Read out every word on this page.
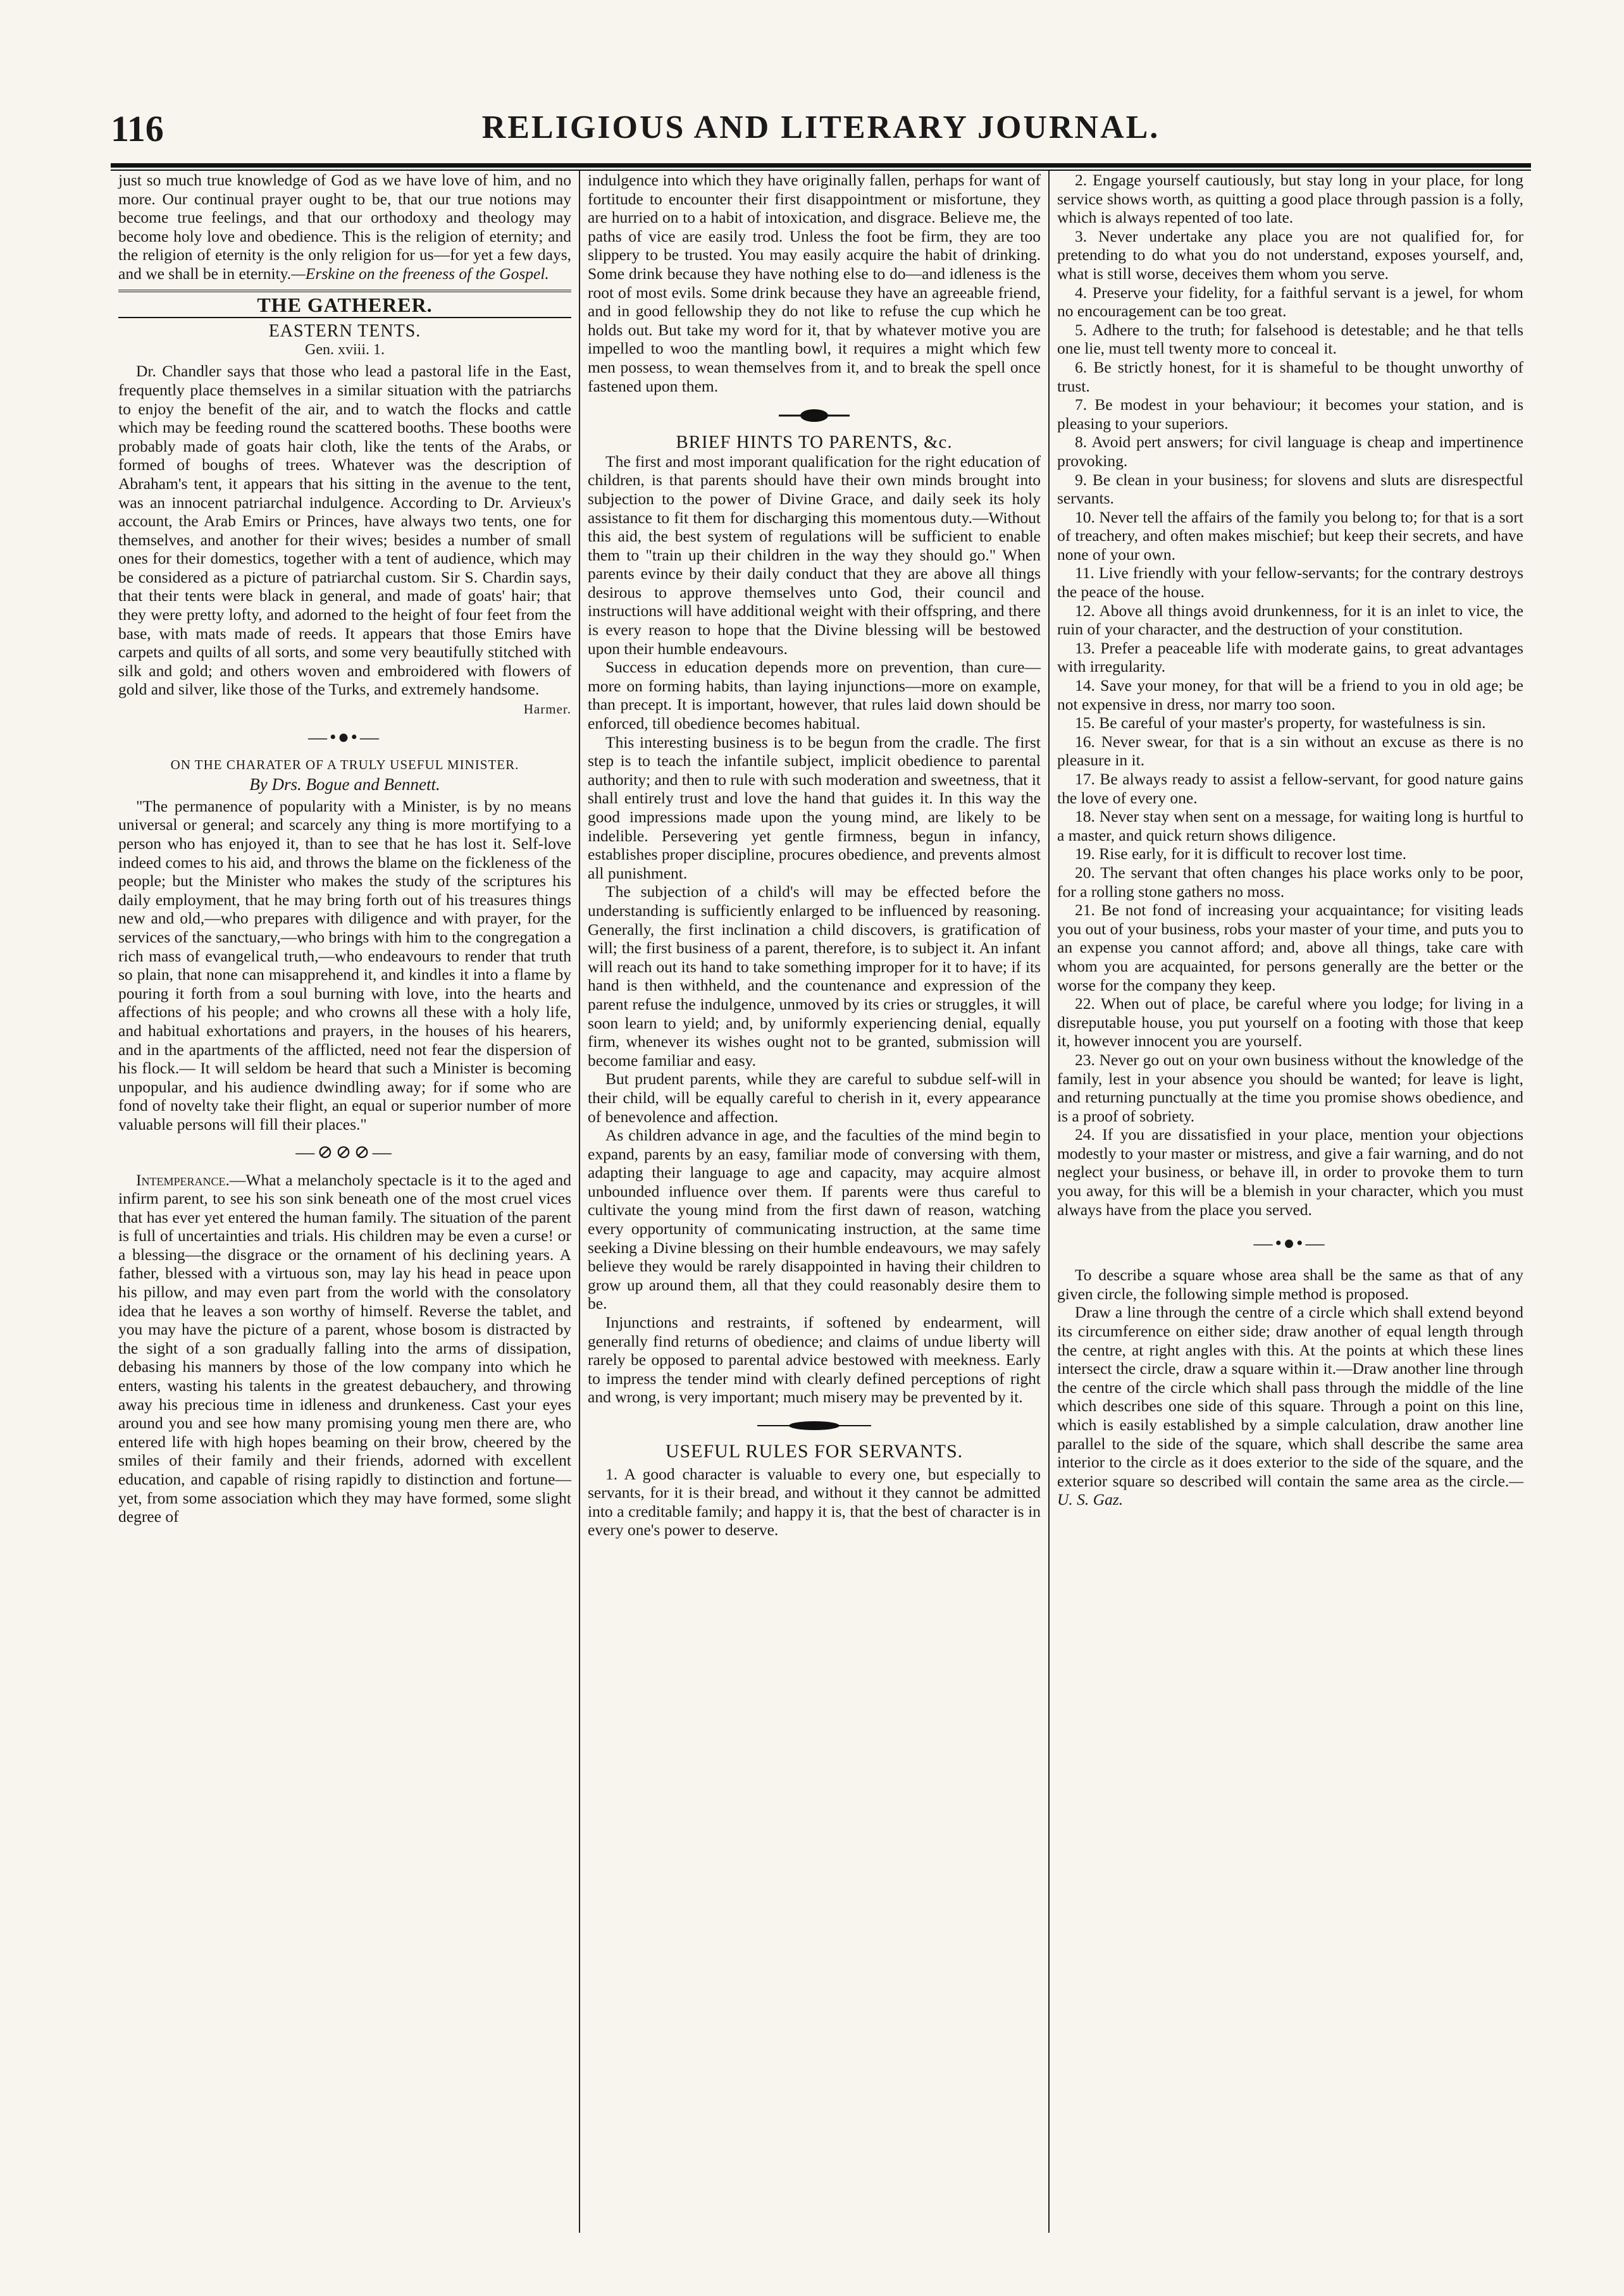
116	RELIGIOUS AND LITERARY JOURNAL.

just so much true knowledge of God as we have love of him, and no more. Our continual prayer ought to be, that our true notions may become true feelings, and that our orthodoxy and theology may become holy love and obedience. This is the religion of eternity; and the religion of eternity is the only religion for us—for yet a few days, and we shall be in eternity.—Erskine on the freeness of the Gospel.

THE GATHERER.
EASTERN TENTS.
Gen. xviii. 1.

Dr. Chandler says that those who lead a pastoral life in the East, frequently place themselves in a similar situation with the patriarchs to enjoy the benefit of the air, and to watch the flocks and cattle which may be feeding round the scattered booths. These booths were probably made of goats hair cloth, like the tents of the Arabs, or formed of boughs of trees. Whatever was the description of Abraham's tent, it appears that his sitting in the avenue to the tent, was an innocent patriarchal indulgence. According to Dr. Arvieux's account, the Arab Emirs or Princes, have always two tents, one for themselves, and another for their wives; besides a number of small ones for their domestics, together with a tent of audience, which may be considered as a picture of patriarchal custom. Sir S. Chardin says, that their tents were black in general, and made of goats' hair; that they were pretty lofty, and adorned to the height of four feet from the base, with mats made of reeds. It appears that those Emirs have carpets and quilts of all sorts, and some very beautifully stitched with silk and gold; and others woven and embroidered with flowers of gold and silver, like those of the Turks, and extremely handsome.

Harmer.
—•⦁•—
ON THE CHARATER OF A TRULY USEFUL MINISTER.
By Drs. Bogue and Bennett.

"The permanence of popularity with a Minister, is by no means universal or general; and scarcely any thing is more mortifying to a person who has enjoyed it, than to see that he has lost it. Self-love indeed comes to his aid, and throws the blame on the fickleness of the people; but the Minister who makes the study of the scriptures his daily employment, that he may bring forth out of his treasures things new and old,—who prepares with diligence and with prayer, for the services of the sanctuary,—who brings with him to the congregation a rich mass of evangelical truth,—who endeavours to render that truth so plain, that none can misapprehend it, and kindles it into a flame by pouring it forth from a soul burning with love, into the hearts and affections of his people; and who crowns all these with a holy life, and habitual exhortations and prayers, in the houses of his hearers, and in the apartments of the afflicted, need not fear the dispersion of his flock.— It will seldom be heard that such a Minister is becoming unpopular, and his audience dwindling away; for if some who are fond of novelty take their flight, an equal or superior number of more valuable persons will fill their places."

—⊘⊘⊘—

Intemperance.—What a melancholy spectacle is it to the aged and infirm parent, to see his son sink beneath one of the most cruel vices that has ever yet entered the human family. The situation of the parent is full of uncertainties and trials. His children may be even a curse! or a blessing—the disgrace or the ornament of his declining years. A father, blessed with a virtuous son, may lay his head in peace upon his pillow, and may even part from the world with the consolatory idea that he leaves a son worthy of himself. Reverse the tablet, and you may have the picture of a parent, whose bosom is distracted by the sight of a son gradually falling into the arms of dissipation, debasing his manners by those of the low company into which he enters, wasting his talents in the greatest debauchery, and throwing away his precious time in idleness and drunkeness. Cast your eyes around you and see how many promising young men there are, who entered life with high hopes beaming on their brow, cheered by the smiles of their family and their friends, adorned with excellent education, and capable of rising rapidly to distinction and fortune—yet, from some association which they may have formed, some slight degree of

indulgence into which they have originally fallen, perhaps for want of fortitude to encounter their first disappointment or misfortune, they are hurried on to a habit of intoxication, and disgrace. Believe me, the paths of vice are easily trod. Unless the foot be firm, they are too slippery to be trusted. You may easily acquire the habit of drinking. Some drink because they have nothing else to do—and idleness is the root of most evils. Some drink because they have an agreeable friend, and in good fellowship they do not like to refuse the cup which he holds out. But take my word for it, that by whatever motive you are impelled to woo the mantling bowl, it requires a might which few men possess, to wean themselves from it, and to break the spell once fastened upon them.

BRIEF HINTS TO PARENTS, &c.

The first and most imporant qualification for the right education of children, is that parents should have their own minds brought into subjection to the power of Divine Grace, and daily seek its holy assistance to fit them for discharging this momentous duty.—Without this aid, the best system of regulations will be sufficient to enable them to "train up their children in the way they should go." When parents evince by their daily conduct that they are above all things desirous to approve themselves unto God, their council and instructions will have additional weight with their offspring, and there is every reason to hope that the Divine blessing will be bestowed upon their humble endeavours.

Success in education depends more on prevention, than cure—more on forming habits, than laying injunctions—more on example, than precept. It is important, however, that rules laid down should be enforced, till obedience becomes habitual.

This interesting business is to be begun from the cradle. The first step is to teach the infantile subject, implicit obedience to parental authority; and then to rule with such moderation and sweetness, that it shall entirely trust and love the hand that guides it. In this way the good impressions made upon the young mind, are likely to be indelible. Persevering yet gentle firmness, begun in infancy, establishes proper discipline, procures obedience, and prevents almost all punishment.

The subjection of a child's will may be effected before the understanding is sufficiently enlarged to be influenced by reasoning. Generally, the first inclination a child discovers, is gratification of will; the first business of a parent, therefore, is to subject it. An infant will reach out its hand to take something improper for it to have; if its hand is then withheld, and the countenance and expression of the parent refuse the indulgence, unmoved by its cries or struggles, it will soon learn to yield; and, by uniformly experiencing denial, equally firm, whenever its wishes ought not to be granted, submission will become familiar and easy.

But prudent parents, while they are careful to subdue self-will in their child, will be equally careful to cherish in it, every appearance of benevolence and affection.

As children advance in age, and the faculties of the mind begin to expand, parents by an easy, familiar mode of conversing with them, adapting their language to age and capacity, may acquire almost unbounded influence over them. If parents were thus careful to cultivate the young mind from the first dawn of reason, watching every opportunity of communicating instruction, at the same time seeking a Divine blessing on their humble endeavours, we may safely believe they would be rarely disappointed in having their children to grow up around them, all that they could reasonably desire them to be.

Injunctions and restraints, if softened by endearment, will generally find returns of obedience; and claims of undue liberty will rarely be opposed to parental advice bestowed with meekness. Early to impress the tender mind with clearly defined perceptions of right and wrong, is very important; much misery may be prevented by it.

USEFUL RULES FOR SERVANTS.

1. A good character is valuable to every one, but especially to servants, for it is their bread, and without it they cannot be admitted into a creditable family; and happy it is, that the best of character is in every one's power to deserve.

2. Engage yourself cautiously, but stay long in your place, for long service shows worth, as quitting a good place through passion is a folly, which is always repented of too late.

3. Never undertake any place you are not qualified for, for pretending to do what you do not understand, exposes yourself, and, what is still worse, deceives them whom you serve.

4. Preserve your fidelity, for a faithful servant is a jewel, for whom no encouragement can be too great.

5. Adhere to the truth; for falsehood is detestable; and he that tells one lie, must tell twenty more to conceal it.

6. Be strictly honest, for it is shameful to be thought unworthy of trust.

7. Be modest in your behaviour; it becomes your station, and is pleasing to your superiors.

8. Avoid pert answers; for civil language is cheap and impertinence provoking.

9. Be clean in your business; for slovens and sluts are disrespectful servants.

10. Never tell the affairs of the family you belong to; for that is a sort of treachery, and often makes mischief; but keep their secrets, and have none of your own.

11. Live friendly with your fellow-servants; for the contrary destroys the peace of the house.

12. Above all things avoid drunkenness, for it is an inlet to vice, the ruin of your character, and the destruction of your constitution.

13. Prefer a peaceable life with moderate gains, to great advantages with irregularity.

14. Save your money, for that will be a friend to you in old age; be not expensive in dress, nor marry too soon.

15. Be careful of your master's property, for wastefulness is sin.

16. Never swear, for that is a sin without an excuse as there is no pleasure in it.

17. Be always ready to assist a fellow-servant, for good nature gains the love of every one.

18. Never stay when sent on a message, for waiting long is hurtful to a master, and quick return shows diligence.

19. Rise early, for it is difficult to recover lost time.

20. The servant that often changes his place works only to be poor, for a rolling stone gathers no moss.

21. Be not fond of increasing your acquaintance; for visiting leads you out of your business, robs your master of your time, and puts you to an expense you cannot afford; and, above all things, take care with whom you are acquainted, for persons generally are the better or the worse for the company they keep.

22. When out of place, be careful where you lodge; for living in a disreputable house, you put yourself on a footing with those that keep it, however innocent you are yourself.

23. Never go out on your own business without the knowledge of the family, lest in your absence you should be wanted; for leave is light, and returning punctually at the time you promise shows obedience, and is a proof of sobriety.

24. If you are dissatisfied in your place, mention your objections modestly to your master or mistress, and give a fair warning, and do not neglect your business, or behave ill, in order to provoke them to turn you away, for this will be a blemish in your character, which you must always have from the place you served.

—•⦁•—

To describe a square whose area shall be the same as that of any given circle, the following simple method is proposed.

Draw a line through the centre of a circle which shall extend beyond its circumference on either side; draw another of equal length through the centre, at right angles with this. At the points at which these lines intersect the circle, draw a square within it.—Draw another line through the centre of the circle which shall pass through the middle of the line which describes one side of this square. Through a point on this line, which is easily established by a simple calculation, draw another line parallel to the side of the square, which shall describe the same area interior to the circle as it does exterior to the side of the square, and the exterior square so described will contain the same area as the circle.—U. S. Gaz.
